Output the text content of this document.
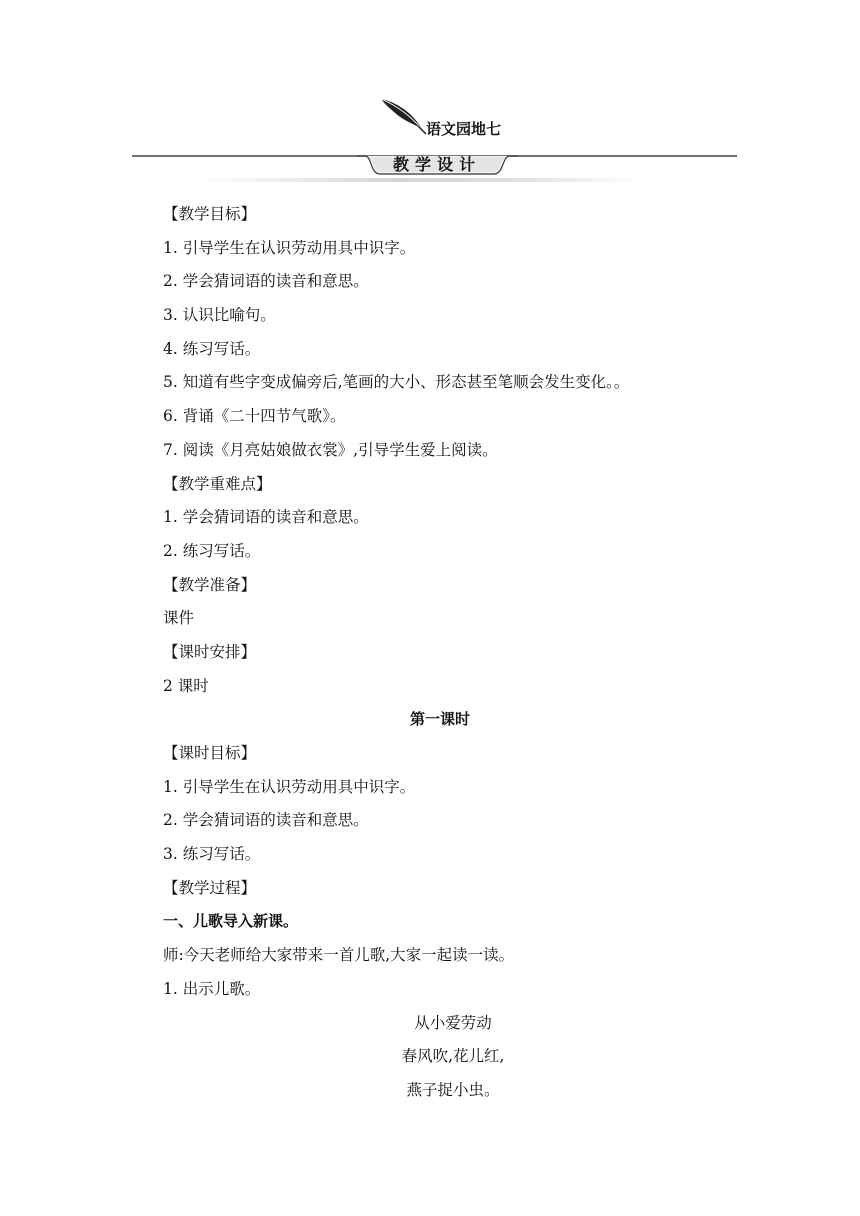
语文园地七
教学设计
【教学目标】
1. 引导学生在认识劳动用具中识字。
2. 学会猜词语的读音和意思。
3. 认识比喻句。
4. 练习写话。
5. 知道有些字变成偏旁后,笔画的大小、形态甚至笔顺会发生变化。。
6. 背诵《二十四节气歌》。
7. 阅读《月亮姑娘做衣裳》,引导学生爱上阅读。
【教学重难点】
1. 学会猜词语的读音和意思。
2. 练习写话。
【教学准备】
课件
【课时安排】
2 课时
第一课时
【课时目标】
1. 引导学生在认识劳动用具中识字。
2. 学会猜词语的读音和意思。
3. 练习写话。
【教学过程】
一、儿歌导入新课。
师:今天老师给大家带来一首儿歌,大家一起读一读。
1. 出示儿歌。
从小爱劳动
春风吹,花儿红,
燕子捉小虫。
